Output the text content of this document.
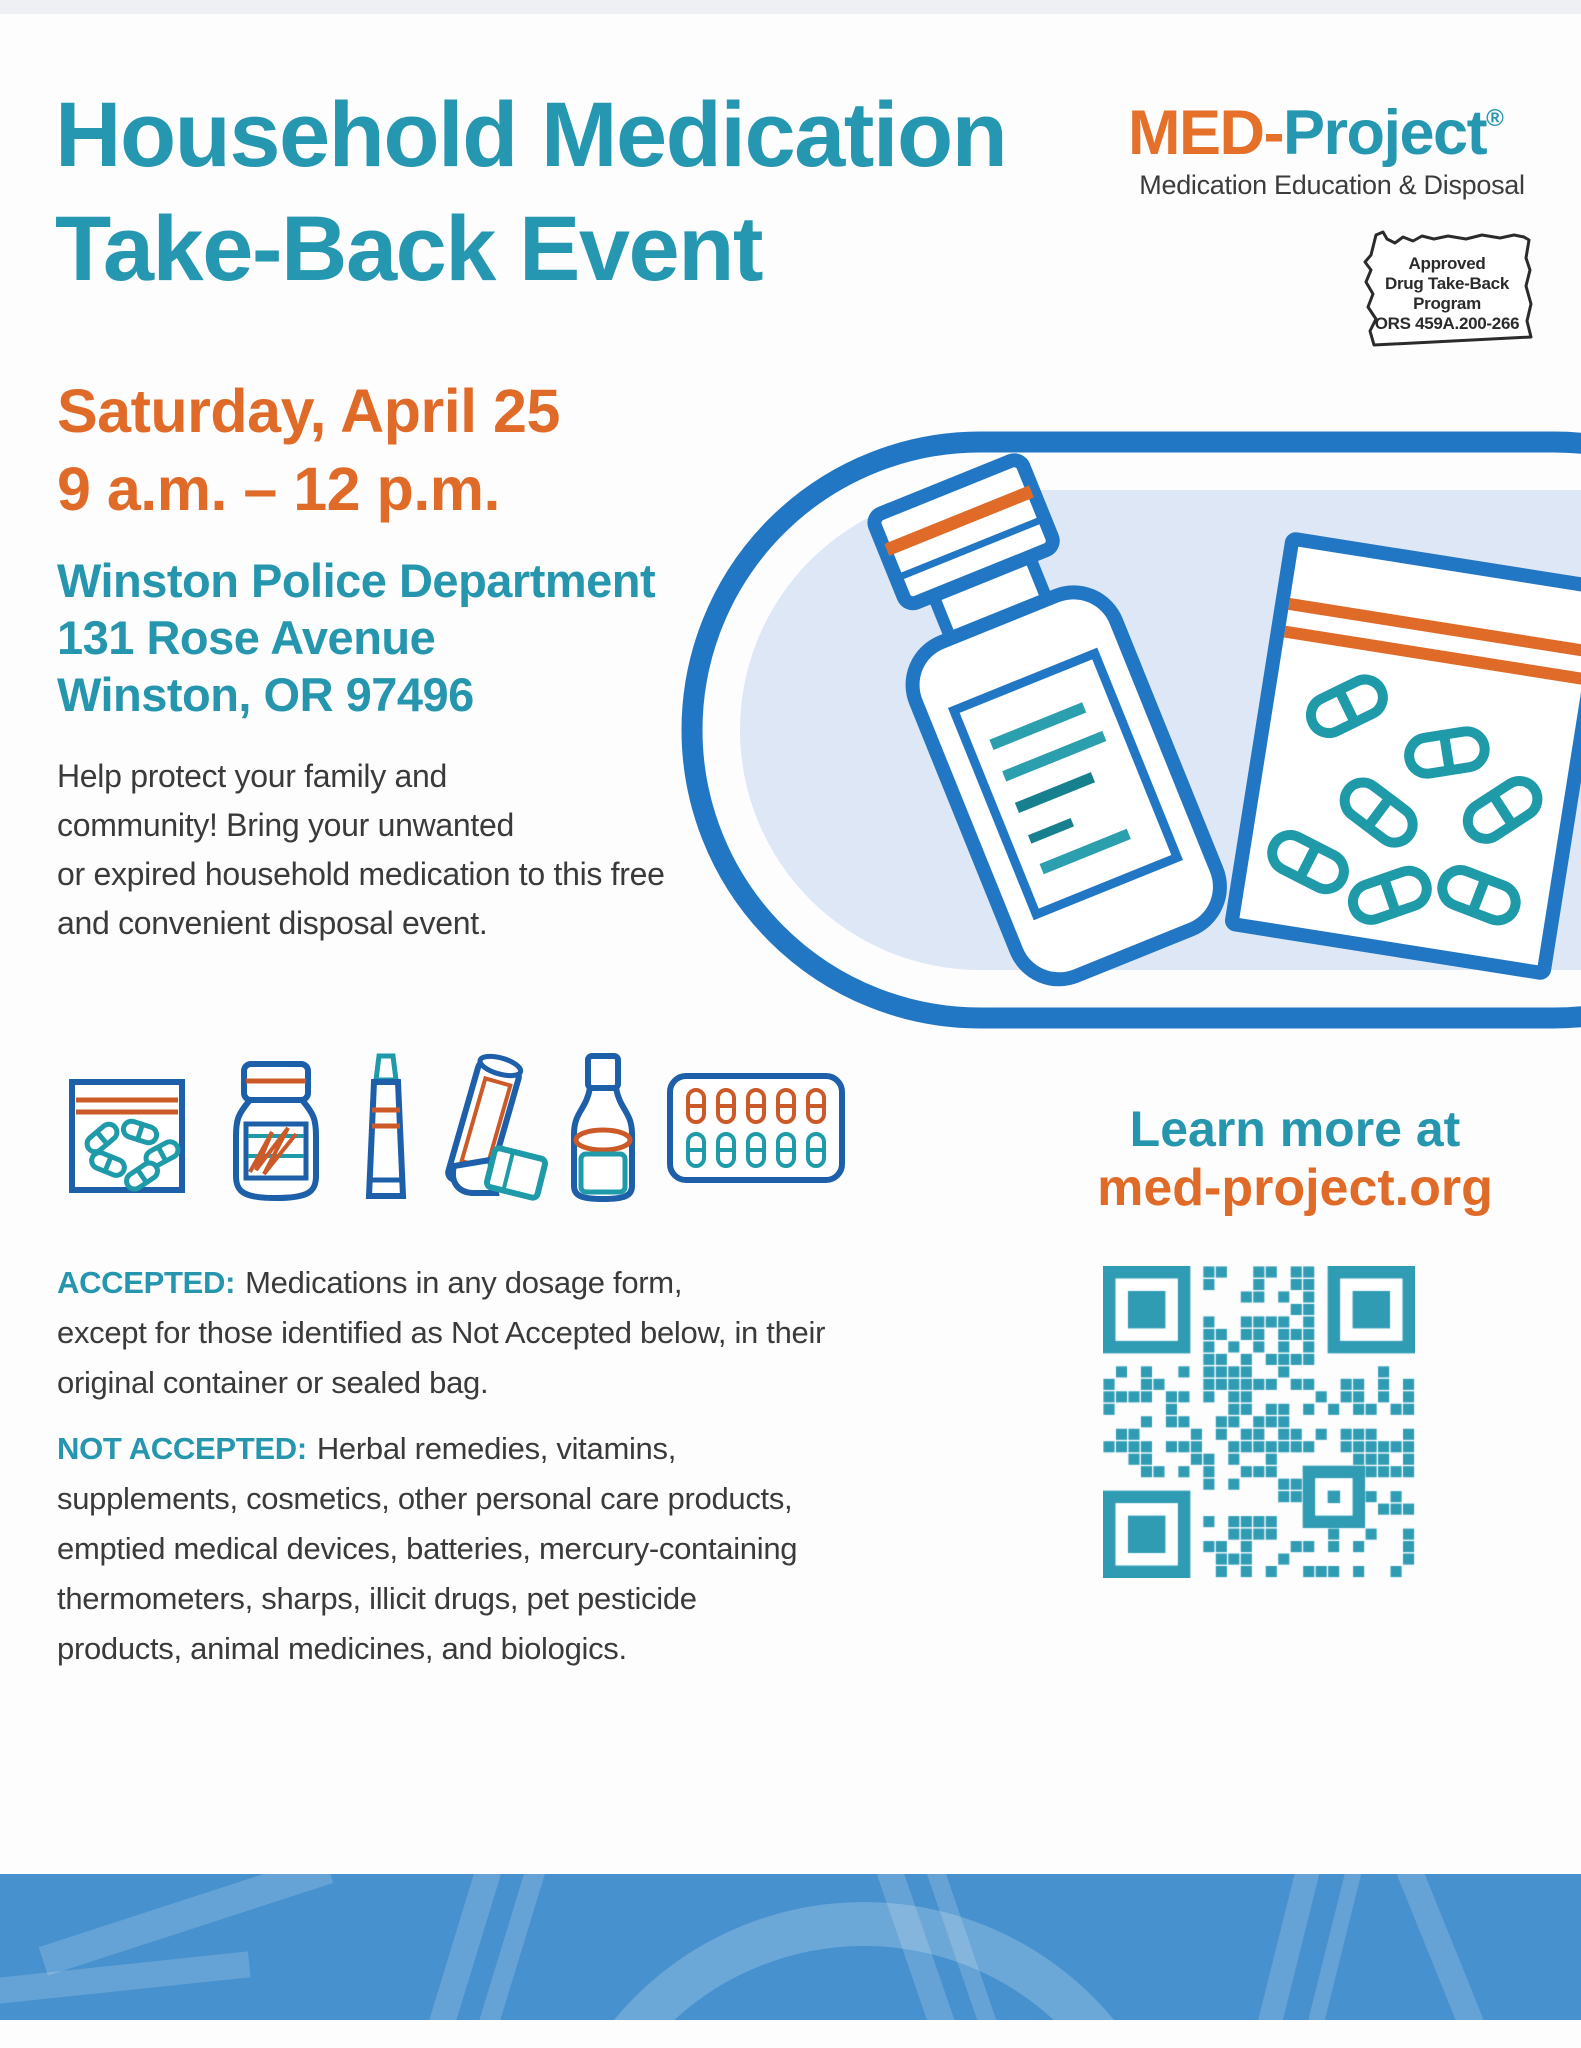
Household Medication
Take-Back Event
MED-Project®
Medication Education & Disposal
Approved
Drug Take-Back
Program
ORS 459A.200-266
Saturday, April 25
9 a.m. – 12 p.m.
Winston Police Department
131 Rose Avenue
Winston, OR 97496
Help protect your family and
community! Bring your unwanted
or expired household medication to this free
and convenient disposal event.
Learn more at
med-project.org
ACCEPTED: Medications in any dosage form,
except for those identified as Not Accepted below, in their
original container or sealed bag.
NOT ACCEPTED: Herbal remedies, vitamins,
supplements, cosmetics, other personal care products,
emptied medical devices, batteries, mercury-containing
thermometers, sharps, illicit drugs, pet pesticide
products, animal medicines, and biologics.
